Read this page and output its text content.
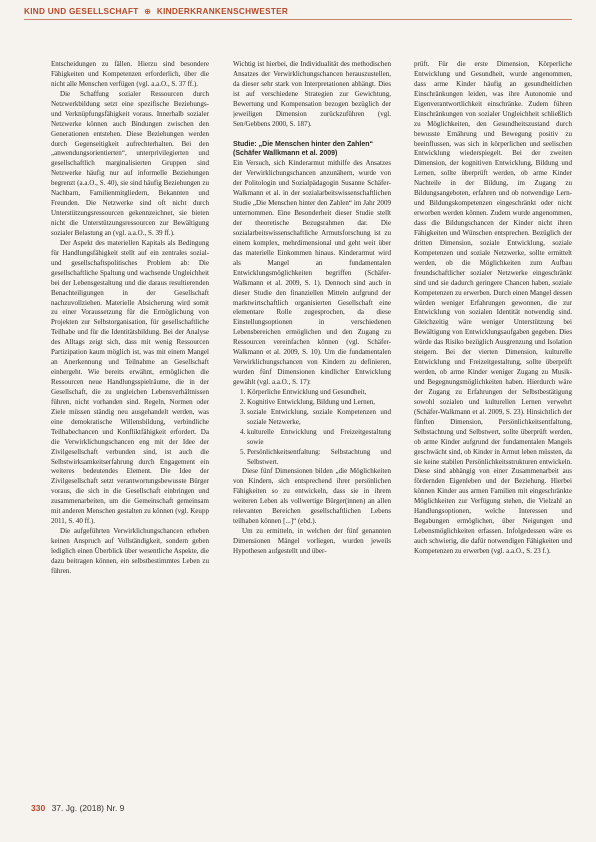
KIND UND GESELLSCHAFT ⊕ KINDERKRANKENSCHWESTER

Entscheidungen zu fällen. Hierzu sind besondere Fähigkeiten und Kompetenzen erforderlich, über die nicht alle Menschen verfügen (vgl. a.a.O., S. 37 ff.).

Die Schaffung sozialer Ressourcen durch Netzwerkbildung setzt eine spezifische Beziehungs- und Verknüpfungsfähigkeit voraus. Innerhalb sozialer Netzwerke können auch Bindungen zwischen den Generationen entstehen. Diese Beziehungen werden durch Gegenseitigkeit aufrechterhalten. Bei den „anwendungsorientierten“, unterprivilegierten und gesellschaftlich marginalisierten Gruppen sind Netzwerke häufig nur auf informelle Beziehungen begrenzt (a.a.O., S. 40), sie sind häufig Beziehungen zu Nachbarn, Familienmitgliedern, Bekannten und Freunden. Die Netzwerke sind oft nicht durch Unterstützungsressourcen gekennzeichnet, sie bieten nicht die Unterstützungsressourcen zur Bewältigung sozialer Belastung an (vgl. a.a.O., S. 39 ff.).

Der Aspekt des materiellen Kapitals als Bedingung für Handlungsfähigkeit stellt auf ein zentrales sozial- und gesellschaftspolitisches Problem ab: Die gesellschaftliche Spaltung und wachsende Ungleichheit bei der Lebensgestaltung und die daraus resultierenden Benachteiligungen in der Gesellschaft nachzuvollziehen. Materielle Absicherung wird somit zu einer Voraussetzung für die Ermöglichung von Projekten zur Selbstorganisation, für gesellschaftliche Teilhabe und für die Identitätsbildung. Bei der Analyse des Alltags zeigt sich, dass mit wenig Ressourcen Partizipation kaum möglich ist, was mit einem Mangel an Anerkennung und Teilnahme an Gesellschaft einhergeht. Wie bereits erwähnt, ermöglichen die Ressourcen neue Handlungsspielräume, die in der Gesellschaft, die zu ungleichen Lebensverhältnissen führen, nicht vorhanden sind. Regeln, Normen oder Ziele müssen ständig neu ausgehandelt werden, was eine demokratische Willensbildung, verbindliche Teilhabechancen und Konfliktfähigkeit erfordert. Da die Verwirklichungschancen eng mit der Idee der Zivilgesellschaft verbunden sind, ist auch die Selbstwirksamkeitserfahrung durch Engagement ein weiteres bedeutendes Element. Die Idee der Zivilgesellschaft setzt verantwortungsbewusste Bürger voraus, die sich in die Gesellschaft einbringen und zusammenarbeiten, um die Gemeinschaft gemeinsam mit anderen Menschen gestalten zu können (vgl. Keupp 2011, S. 40 ff.).

Die aufgeführten Verwirklichungschancen erheben keinen Anspruch auf Vollständigkeit, sondern geben lediglich einen Überblick über wesentliche Aspekte, die dazu beitragen können, ein selbstbestimmtes Leben zu führen.

Wichtig ist hierbei, die Individualität des methodischen Ansatzes der Verwirklichungschancen herauszustellen, da dieser sehr stark von Interpretationen abhängt. Dies ist auf verschiedene Strategien zur Gewichtung, Bewertung und Kompensation bezogen bezüglich der jeweiligen Dimension zurückzuführen (vgl. Sen/Gebbens 2000, S. 187).

Studie: „Die Menschen hinter den Zahlen“ (Schäfer Wallkmann et al. 2009)

Ein Versuch, sich Kinderarmut mithilfe des Ansatzes der Verwirklichungschancen anzunähern, wurde von der Politologin und Sozialpädagogin Susanne Schäfer-Walkmann et al. in der sozialarbeitswissenschaftlichen Studie „Die Menschen hinter den Zahlen“ im Jahr 2009 unternommen. Eine Besonderheit dieser Studie stellt der theoretische Bezugsrahmen dar. Die sozialarbeitswissenschaftliche Armutsforschung ist zu einem komplex, mehrdimensional und geht weit über das materielle Einkommen hinaus. Kinderarmut wird als Mangel an fundamentalen Entwicklungsmöglichkeiten begriffen (Schäfer-Walkmann et al. 2009, S. 1). Dennoch sind auch in dieser Studie den finanziellen Mitteln aufgrund der marktwirtschaftlich organisierten Gesellschaft eine elementare Rolle zugesprochen, da diese Einstellungsoptionen in verschiedenen Lebensbereichen ermöglichen und den Zugang zu Ressourcen vereinfachen können (vgl. Schäfer-Walkmann et al. 2009, S. 10). Um die fundamentalen Verwirklichungschancen von Kindern zu definieren, wurden fünf Dimensionen kindlicher Entwicklung gewählt (vgl. a.a.O., S. 17):

1. Körperliche Entwicklung und Gesundheit,
2. Kognitive Entwicklung, Bildung und Lernen,
3. soziale Entwicklung, soziale Kompetenzen und soziale Netzwerke,
4. kulturelle Entwicklung und Freizeitgestaltung sowie
5. Persönlichkeitsentfaltung: Selbstachtung und Selbstwert.

Diese fünf Dimensionen bilden „die Möglichkeiten von Kindern, sich entsprechend ihrer persönlichen Fähigkeiten so zu entwickeln, dass sie in ihrem weiteren Leben als vollwertige Bürger(innen) an allen relevanten Bereichen gesellschaftlichen Lebens teilhaben können [...]“ (ebd.).

Um zu ermitteln, in welchen der fünf genannten Dimensionen Mängel vorliegen, wurden jeweils Hypothesen aufgestellt und über-

prüft. Für die erste Dimension, Körperliche Entwicklung und Gesundheit, wurde angenommen, dass arme Kinder häufig an gesundheitlichen Einschränkungen leiden, was ihre Autonomie und Eigenverantwortlichkeit einschränke. Zudem führen Einschränkungen von sozialer Ungleichheit schließlich zu Möglichkeiten, den Gesundheitszustand durch bewusste Ernährung und Bewegung positiv zu beeinflussen, was sich in körperlichen und seelischen Entwicklung wiederspiegelt. Bei der zweiten Dimension, der kognitiven Entwicklung, Bildung und Lernen, sollte überprüft werden, ob arme Kinder Nachteile in der Bildung, im Zugang zu Bildungsangeboten, erfahren und ob notwendige Lern- und Bildungskompetenzen eingeschränkt oder nicht erworben werden können. Zudem wurde angenommen, dass die Bildungschancen der Kinder nicht ihren Fähigkeiten und Wünschen entsprechen. Bezüglich der dritten Dimension, soziale Entwicklung, soziale Kompetenzen und soziale Netzwerke, sollte ermittelt werden, ob die Möglichkeiten zum Aufbau freundschaftlicher sozialer Netzwerke eingeschränkt sind und sie dadurch geringere Chancen haben, soziale Kompetenzen zu erwerben. Durch einen Mangel dessen würden weniger Erfahrungen gewonnen, die zur Entwicklung von sozialen Identität notwendig sind. Gleichzeitig wäre weniger Unterstützung bei Bewältigung von Entwicklungsaufgaben gegeben. Dies würde das Risiko bezüglich Ausgrenzung und Isolation steigern. Bei der vierten Dimension, kulturelle Entwicklung und Freizeitgestaltung, sollte überprüft werden, ob arme Kinder weniger Zugang zu Musik- und Begegnungsmöglichkeiten haben. Hierdurch wäre der Zugang zu Erfahrungen der Selbstbestätigung sowohl sozialen und kulturellen Lernen verwehrt (Schäfer-Walkmann et al. 2009, S. 23). Hinsichtlich der fünften Dimension, Persönlichkeitsentfaltung, Selbstachtung und Selbstwert, sollte überprüft werden, ob arme Kinder aufgrund der fundamentalen Mangels geschwächt sind, ob Kinder in Armut leben müssten, da sie keine stabilen Persönlichkeitsstrukturen entwickeln. Diese sind abhängig von einer Zusammenarbeit aus fördernden Eigenleben und der Beziehung. Hierbei können Kinder aus armen Familien mit eingeschränkte Möglichkeiten zur Verfügung stehen, die Vielzahl an Handlungsoptionen, welche Interessen und Begabungen ermöglichen, über Neigungen und Lebensmöglichkeiten erfassen. Infolgedessen wäre es auch schwierig, die dafür notwendigen Fähigkeiten und Kompetenzen zu erwerben (vgl. a.a.O., S. 23 f.).

330 37. Jg. (2018) Nr. 9
